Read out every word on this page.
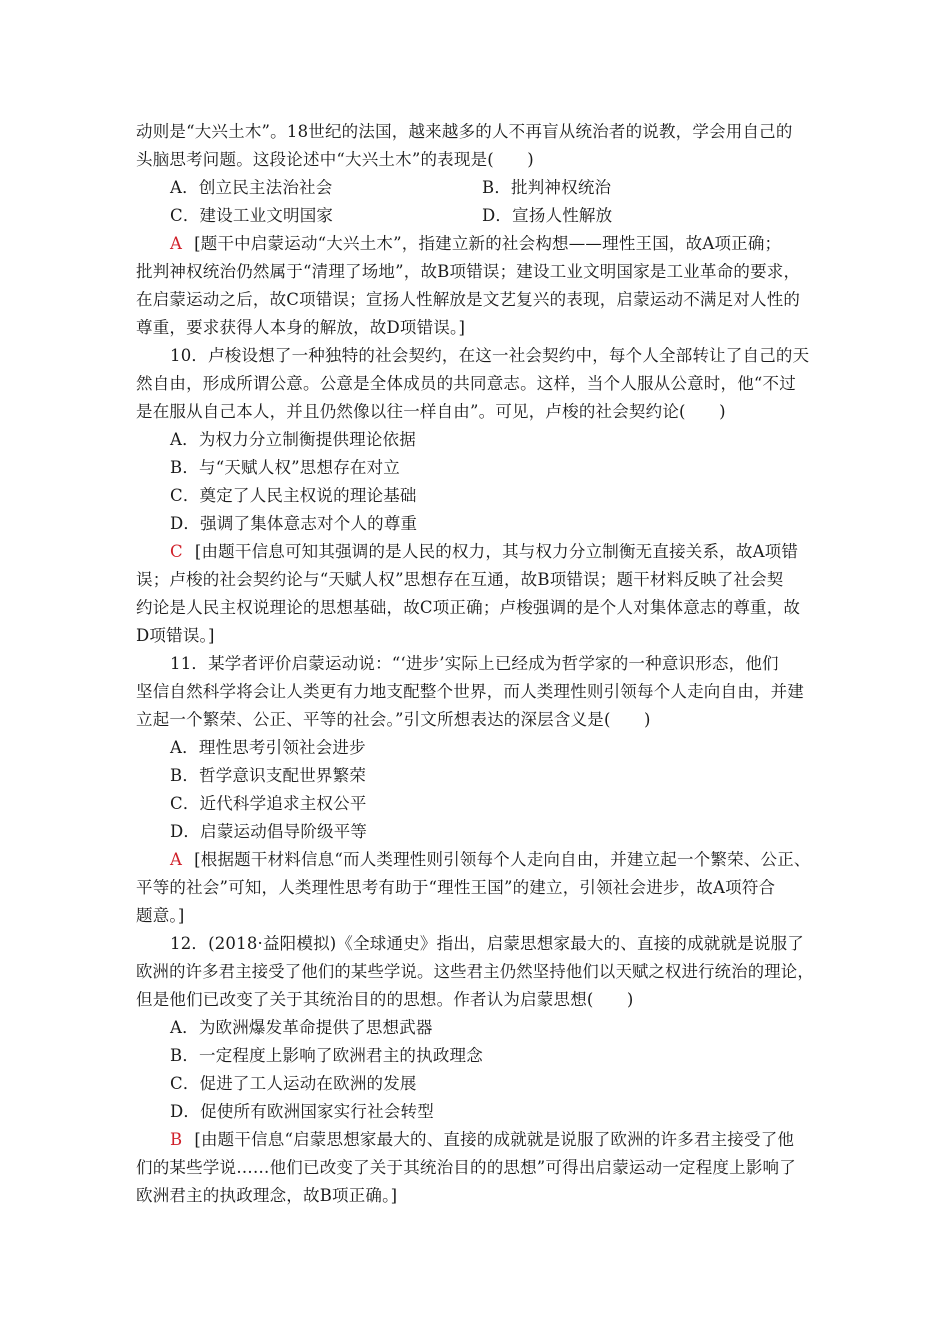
动则是“大兴土木”。18世纪的法国，越来越多的人不再盲从统治者的说教，学会用自己的
头脑思考问题。这段论述中“大兴土木”的表现是(　　)
A．创立民主法治社会	B．批判神权统治
C．建设工业文明国家	D．宣扬人性解放
A [题干中启蒙运动“大兴土木”，指建立新的社会构想——理性王国，故A项正确；
批判神权统治仍然属于“清理了场地”，故B项错误；建设工业文明国家是工业革命的要求，
在启蒙运动之后，故C项错误；宣扬人性解放是文艺复兴的表现，启蒙运动不满足对人性的
尊重，要求获得人本身的解放，故D项错误。]
10．卢梭设想了一种独特的社会契约，在这一社会契约中，每个人全部转让了自己的天
然自由，形成所谓公意。公意是全体成员的共同意志。这样，当个人服从公意时，他“不过
是在服从自己本人，并且仍然像以往一样自由”。可见，卢梭的社会契约论(　　)
A．为权力分立制衡提供理论依据
B．与“天赋人权”思想存在对立
C．奠定了人民主权说的理论基础
D．强调了集体意志对个人的尊重
C [由题干信息可知其强调的是人民的权力，其与权力分立制衡无直接关系，故A项错
误；卢梭的社会契约论与“天赋人权”思想存在互通，故B项错误；题干材料反映了社会契
约论是人民主权说理论的思想基础，故C项正确；卢梭强调的是个人对集体意志的尊重，故
D项错误。]
11．某学者评价启蒙运动说：“‘进步’实际上已经成为哲学家的一种意识形态，他们
坚信自然科学将会让人类更有力地支配整个世界，而人类理性则引领每个人走向自由，并建
立起一个繁荣、公正、平等的社会。”引文所想表达的深层含义是(　　)
A．理性思考引领社会进步
B．哲学意识支配世界繁荣
C．近代科学追求主权公平
D．启蒙运动倡导阶级平等
A [根据题干材料信息“而人类理性则引领每个人走向自由，并建立起一个繁荣、公正、
平等的社会”可知，人类理性思考有助于“理性王国”的建立，引领社会进步，故A项符合
题意。]
12．(2018·益阳模拟)《全球通史》指出，启蒙思想家最大的、直接的成就就是说服了
欧洲的许多君主接受了他们的某些学说。这些君主仍然坚持他们以天赋之权进行统治的理论，
但是他们已改变了关于其统治目的的思想。作者认为启蒙思想(　　)
A．为欧洲爆发革命提供了思想武器
B．一定程度上影响了欧洲君主的执政理念
C．促进了工人运动在欧洲的发展
D．促使所有欧洲国家实行社会转型
B [由题干信息“启蒙思想家最大的、直接的成就就是说服了欧洲的许多君主接受了他
们的某些学说……他们已改变了关于其统治目的的思想”可得出启蒙运动一定程度上影响了
欧洲君主的执政理念，故B项正确。]
